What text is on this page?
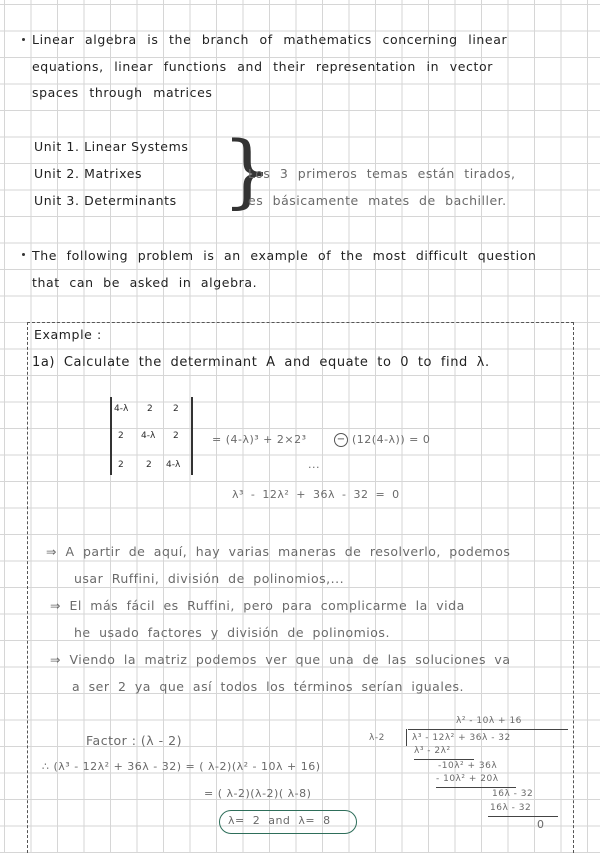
Linear algebra is the branch of mathematics concerning linear
equations, linear functions and their representation in vector
spaces through matrices
Unit 1. Linear Systems
Unit 2. Matrixes
Unit 3. Determinants }
Los 3 primeros temas están tirados,
es básicamente mates de bachiller.
The following problem is an example of the most difficult question
that can be asked in algebra.
Example :
1a) Calculate the determinant A and equate to 0 to find λ.
4-λ 2 2
2 4-λ 2
2 2 4-λ
= (4-λ)³ + 2×2³	− (12(4-λ)) = 0
...
λ³ - 12λ² + 36λ - 32 = 0
⇒ A partir de aquí, hay varias maneras de resolverlo, podemos
usar Ruffini, división de polinomios,...
⇒ El más fácil es Ruffini, pero para complicarme la vida
he usado factores y división de polinomios.
⇒ Viendo la matriz podemos ver que una de las soluciones va
a ser 2 ya que así todos los términos serían iguales.
Factor : (λ - 2)
∴ (λ³ - 12λ² + 36λ - 32) = ( λ-2)(λ² - 10λ + 16)
= ( λ-2)(λ-2)( λ-8)
λ= 2 and λ= 8
λ² - 10λ + 16
λ-2	λ³ - 12λ² + 36λ - 32
λ³ - 2λ²
-10λ² + 36λ
- 10λ² + 20λ
16λ - 32
16λ - 32
0
